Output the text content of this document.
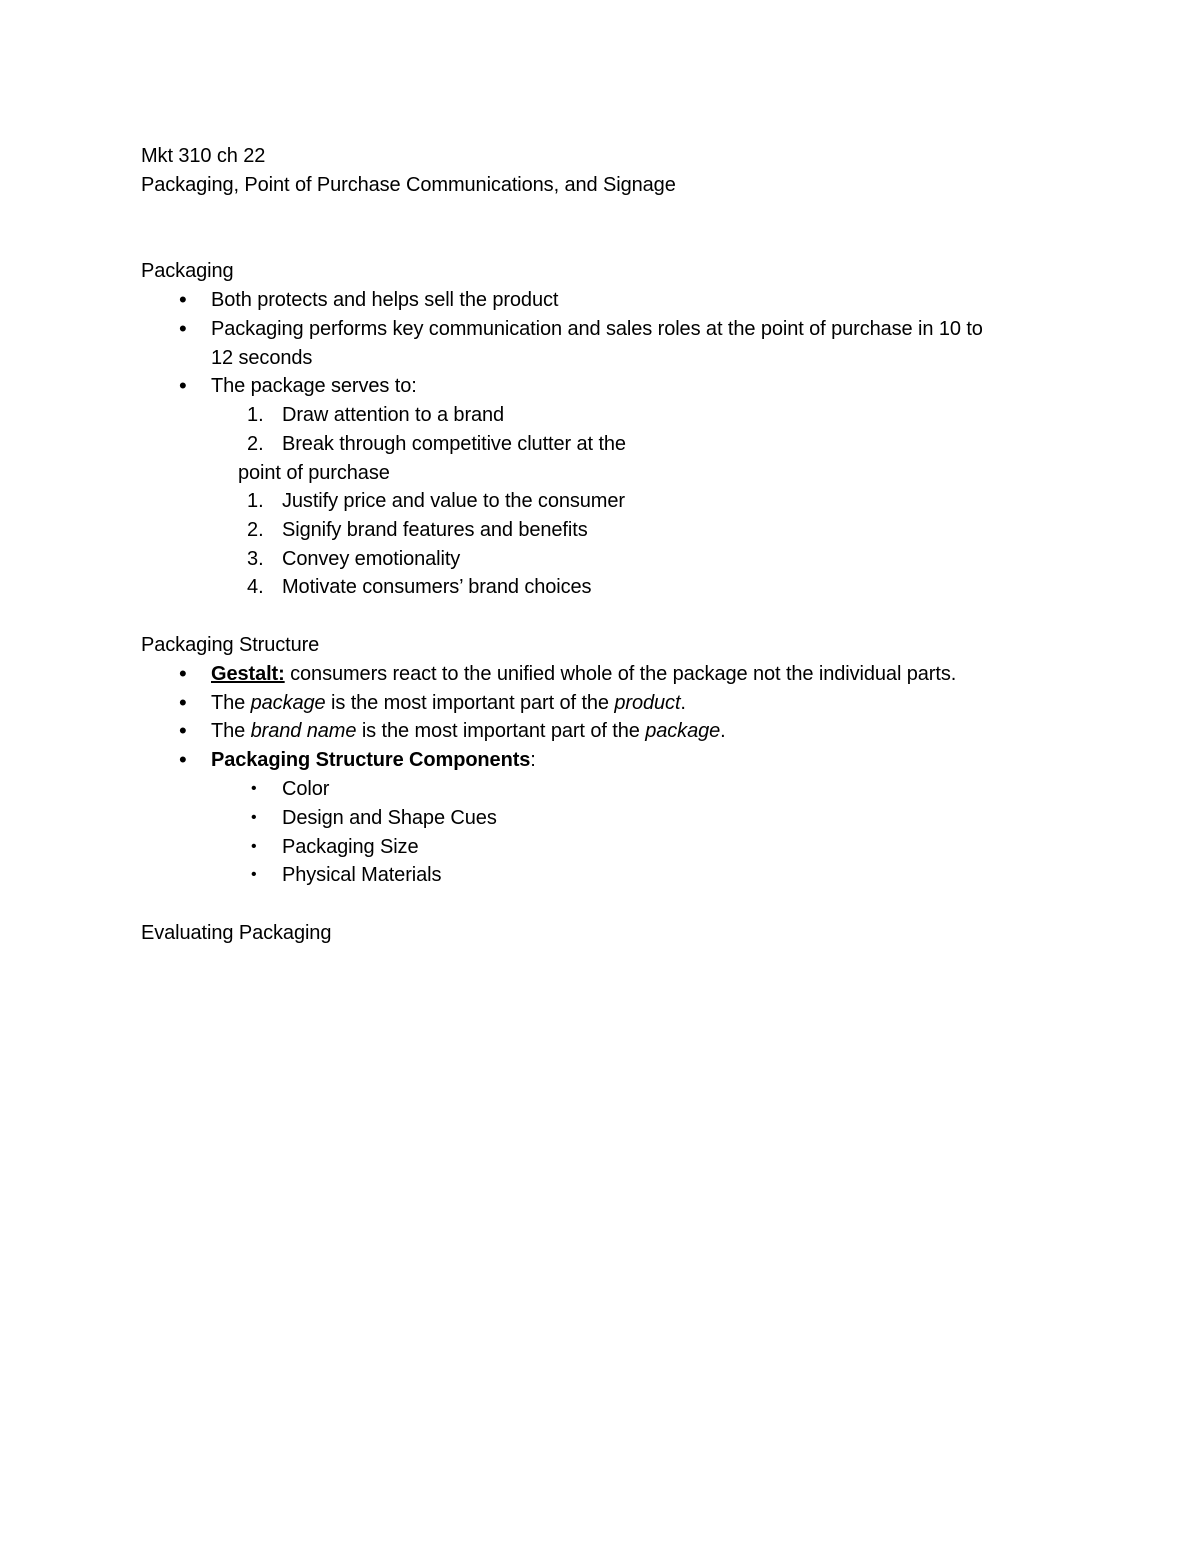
Mkt 310 ch 22
Packaging, Point of Purchase Communications, and Signage
Packaging
• Both protects and helps sell the product
• Packaging performs key communication and sales roles at the point of purchase in 10 to
12 seconds
• The package serves to:
1. Draw attention to a brand
2. Break through competitive clutter at the
point of purchase
1. Justify price and value to the consumer
2. Signify brand features and benefits
3. Convey emotionality
4. Motivate consumers’ brand choices
Packaging Structure
• Gestalt: consumers react to the unified whole of the package not the individual parts.
• The package is the most important part of the product.
• The brand name is the most important part of the package.
• Packaging Structure Components:
• Color
• Design and Shape Cues
• Packaging Size
• Physical Materials
Evaluating Packaging
